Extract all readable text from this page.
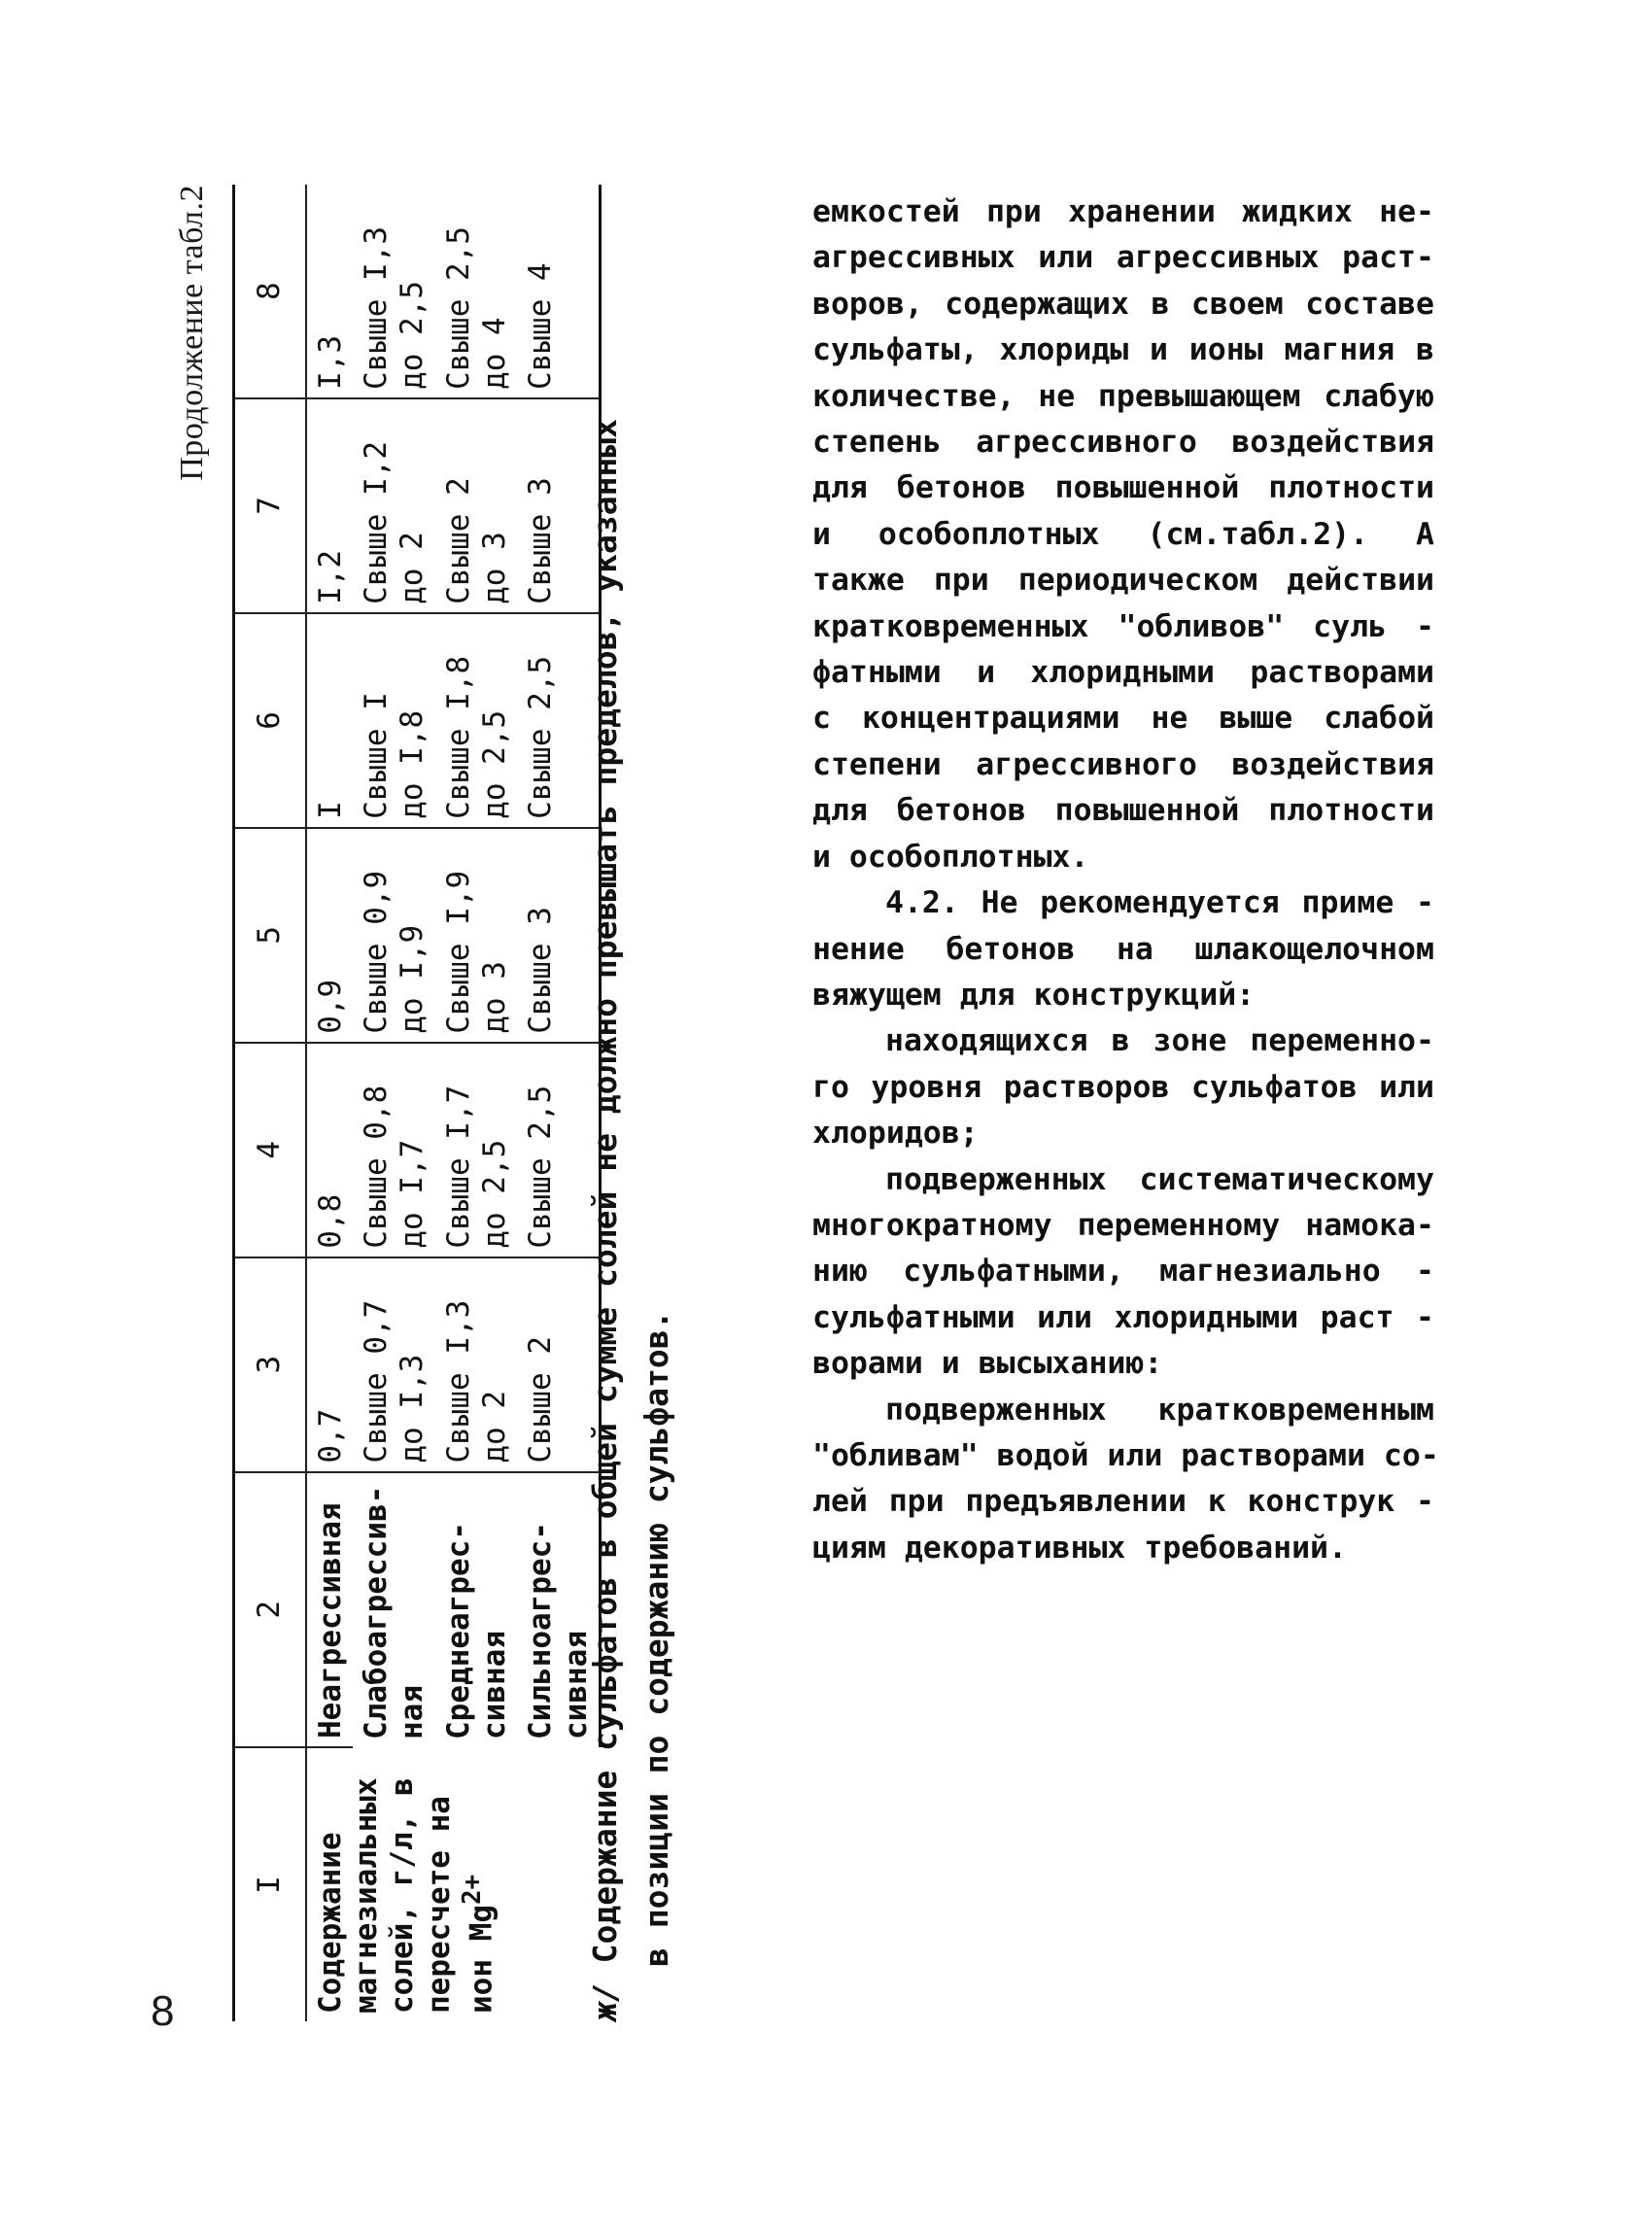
8
Продолжение табл.2
I	2	3	4	5	6	7	8

Содержание магнезиальных солей, г/л, в пересчете на ион $Mg^{2+}$	Неагрессивная	0,7	0,8	0,9	I	I,2	I,3

	Слабоагрессив- ная	Свыше 0,7 до I,3	Свыше 0,8 до I,7	Свыше 0,9 до I,9	Свыше I до I,8	Свыше I,2 до 2	Свыше I,3 до 2,5

	Среднеагрес- сивная	Свыше I,3 до 2	Свыше I,7 до 2,5	Свыше I,9 до 3	Свыше I,8 до 2,5	Свыше 2 до 3	Свыше 2,5 до 4

	Сильноагрес- сивная	Свыше 2	Свыше 2,5	Свыше 3	Свыше 2,5	Свыше 3	Свыше 4
ж/ Содержание сульфатов в общей сумме солей не должно превышать пределов, указанных в позиции по содержанию сульфатов.
емкостей при хранении жидких не-
агрессивных или агрессивных раст-
воров, содержащих в своем составе
сульфаты, хлориды и ионы магния в
количестве, не превышающем слабую
степень агрессивного воздействия
для бетонов повышенной плотности
и особоплотных (см.табл.2). А
также при периодическом действии
кратковременных "обливов" суль -
фатными и хлоридными растворами
с концентрациями не выше слабой
степени агрессивного воздействия
для бетонов повышенной плотности
и особоплотных.
4.2. Не рекомендуется приме -
нение бетонов на шлакощелочном
вяжущем для конструкций:
находящихся в зоне переменно-
го уровня растворов сульфатов или
хлоридов;
подверженных систематическому
многократному переменному намока-
нию сульфатными, магнезиально -
сульфатными или хлоридными раст -
ворами и высыханию:
подверженных кратковременным
"обливам" водой или растворами со-
лей при предъявлении к конструк -
циям декоративных требований.
